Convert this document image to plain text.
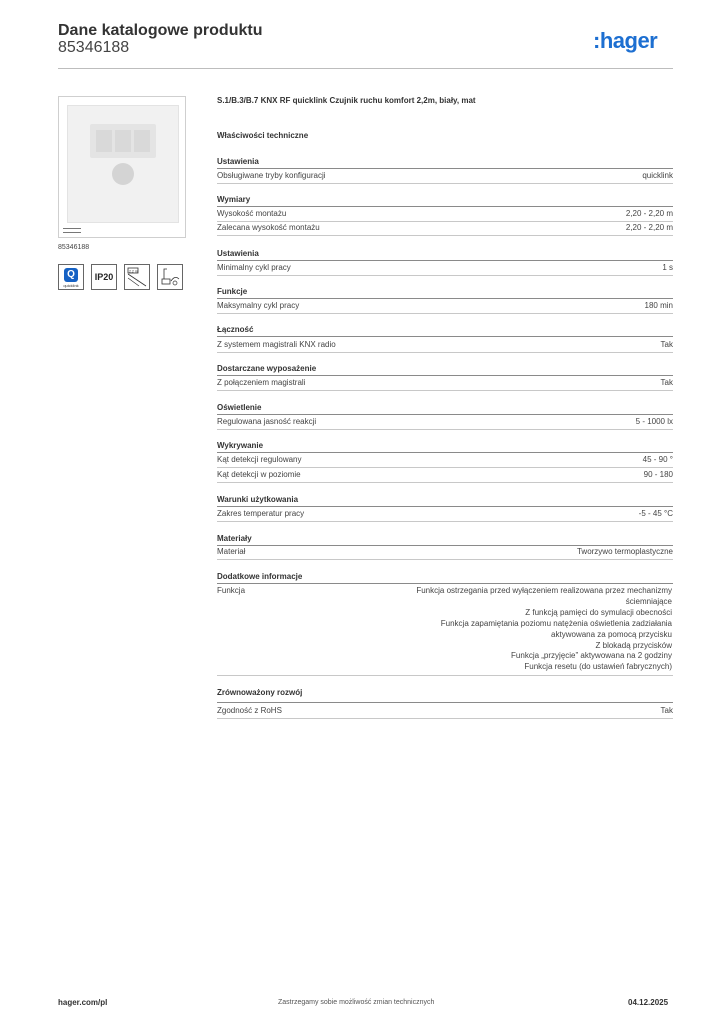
Dane katalogowe produktu
85346188	:hager
85346188
Q
quicklink
IP20
2.2 m
S.1/B.3/B.7 KNX RF quicklink Czujnik ruchu komfort 2,2m, biały, mat
Właściwości techniczne
Ustawienia
Obsługiwane tryby konfiguracji	quicklink
Wymiary
Wysokość montażu	2,20 - 2,20 m
Zalecana wysokość montażu	2,20 - 2,20 m
Ustawienia
Minimalny cykl pracy	1 s
Funkcje
Maksymalny cykl pracy	180 min
Łączność
Z systemem magistrali KNX radio	Tak
Dostarczane wyposażenie
Z połączeniem magistrali	Tak
Oświetlenie
Regulowana jasność reakcji	5 - 1000 lx
Wykrywanie
Kąt detekcji regulowany	45 - 90 °
Kąt detekcji w poziomie	90 - 180
Warunki użytkowania
Zakres temperatur pracy	-5 - 45 °C
Materiały
Materiał	Tworzywo termoplastyczne
Dodatkowe informacje
Funkcja	Funkcja ostrzegania przed wyłączeniem realizowana przez mechanizmy
ściemniające
Z funkcją pamięci do symulacji obecności
Funkcja zapamiętania poziomu natężenia oświetlenia zadziałania
aktywowana za pomocą przycisku
Z blokadą przycisków
Funkcja „przyjęcie” aktywowana na 2 godziny
Funkcja resetu (do ustawień fabrycznych)
Zrównoważony rozwój
Zgodność z RoHS	Tak
hager.com/pl	Zastrzegamy sobie możliwość zmian technicznych	04.12.2025
